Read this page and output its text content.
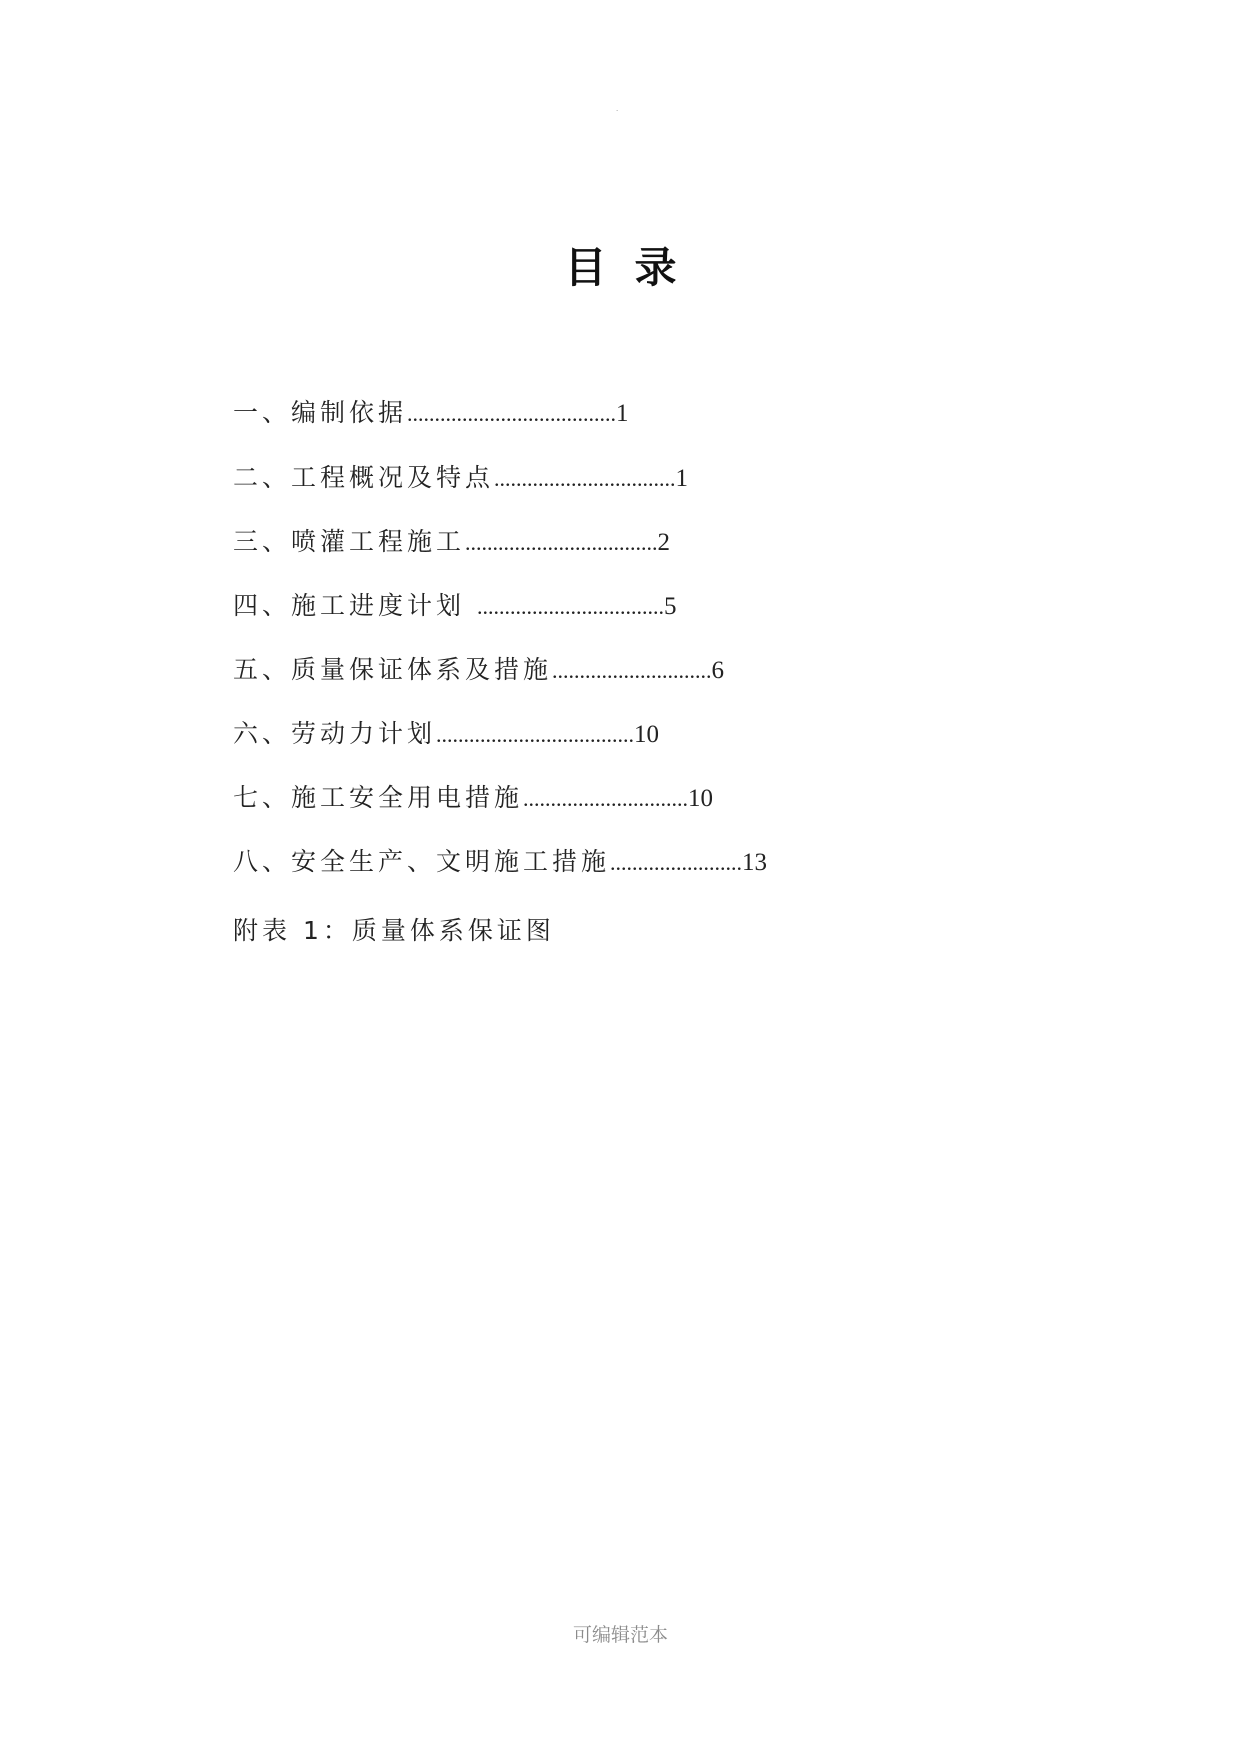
.
目录
一、编制依据......................................1
二、工程概况及特点.................................1
三、喷灌工程施工...................................2
四、施工进度计划 ..................................5
五、质量保证体系及措施.............................6
六、劳动力计划....................................10
七、施工安全用电措施..............................10
八、安全生产、文明施工措施........................13
附表 1：质量体系保证图
可编辑范本
